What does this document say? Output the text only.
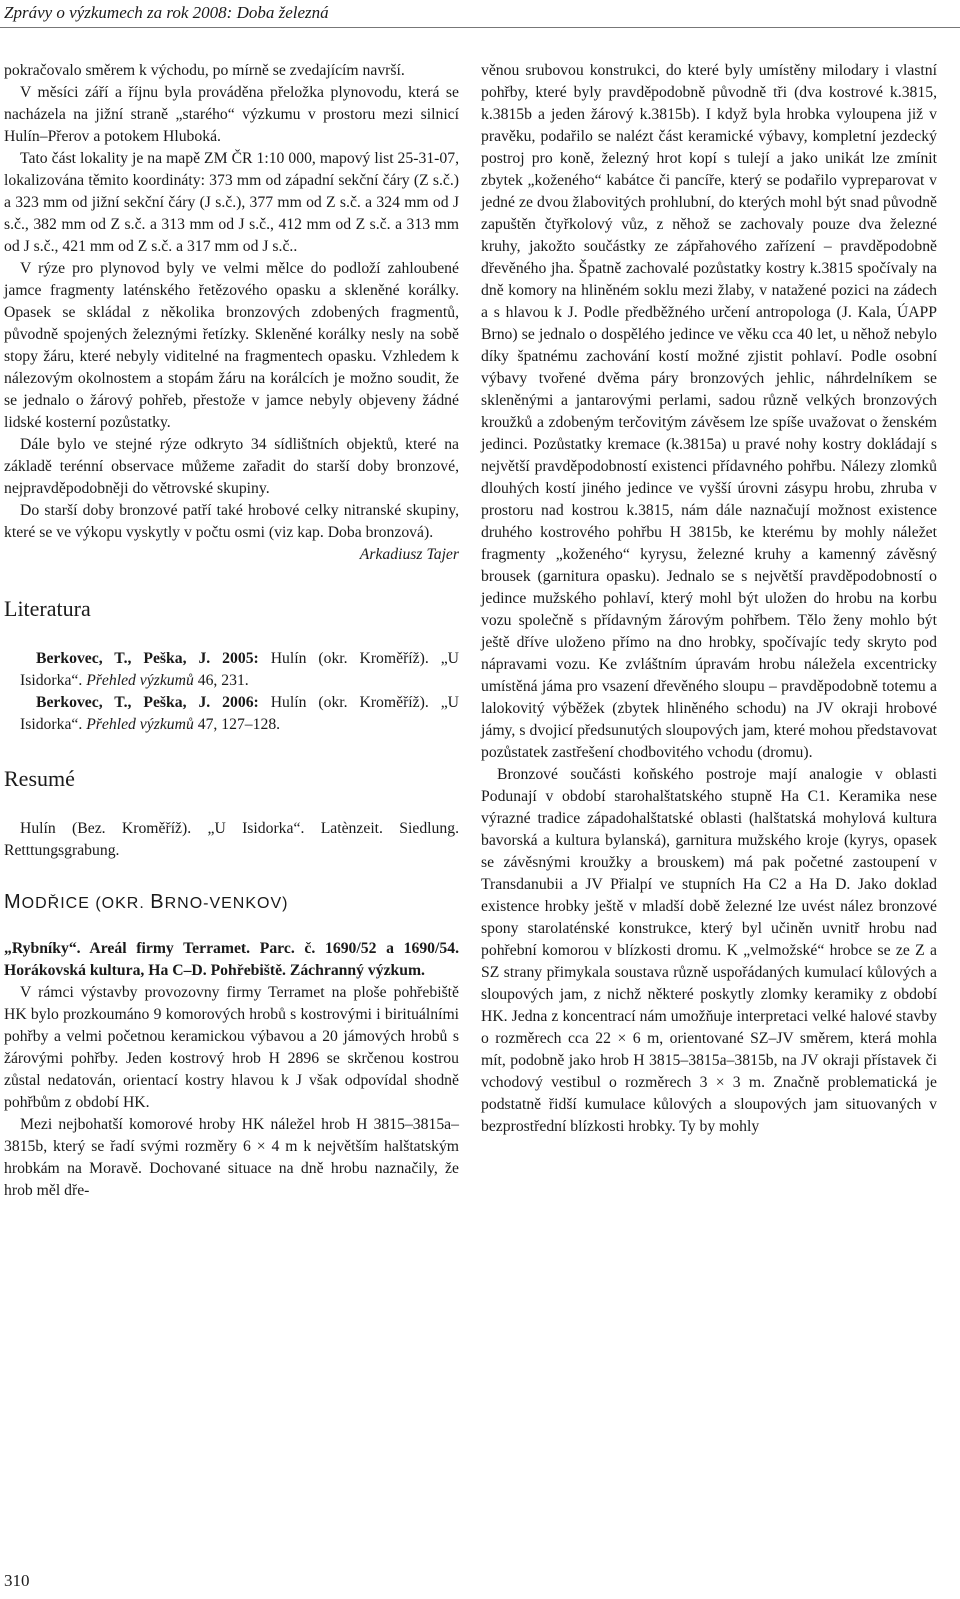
Zprávy o výzkumech za rok 2008: Doba železná

pokračovalo směrem k východu, po mírně se zvedajícím navrší.

V měsíci září a říjnu byla prováděna přeložka plynovodu, která se nacházela na jižní straně „starého“ výzkumu v prostoru mezi silnicí Hulín–Přerov a potokem Hluboká.

Tato část lokality je na mapě ZM ČR 1:10 000, mapový list 25-31-07, lokalizována těmito koordináty: 373 mm od západní sekční čáry (Z s.č.) a 323 mm od jižní sekční čáry (J s.č.), 377 mm od Z s.č. a 324 mm od J s.č., 382 mm od Z s.č. a 313 mm od J s.č., 412 mm od Z s.č. a 313 mm od J s.č., 421 mm od Z s.č. a 317 mm od J s.č..

V rýze pro plynovod byly ve velmi mělce do podloží zahloubené jamce fragmenty laténského řetězového opasku a skleněné korálky. Opasek se skládal z několika bronzových zdobených fragmentů, původně spojených železnými řetízky. Skleněné korálky nesly na sobě stopy žáru, které nebyly viditelné na fragmentech opasku. Vzhledem k nálezovým okolnostem a stopám žáru na korálcích je možno soudit, že se jednalo o žárový pohřeb, přestože v jamce nebyly objeveny žádné lidské kosterní pozůstatky.

Dále bylo ve stejné rýze odkryto 34 sídlištních objektů, které na základě terénní observace můžeme zařadit do starší doby bronzové, nejpravděpodobněji do větrovské skupiny.

Do starší doby bronzové patří také hrobové celky nitranské skupiny, které se ve výkopu vyskytly v počtu osmi (viz kap. Doba bronzová).

Arkadiusz Tajer

Literatura

Berkovec, T., Peška, J. 2005: Hulín (okr. Kroměříž). „U Isidorka“. Přehled výzkumů 46, 231.

Berkovec, T., Peška, J. 2006: Hulín (okr. Kroměříž). „U Isidorka“. Přehled výzkumů 47, 127–128.

Resumé

Hulín (Bez. Kroměříž). „U Isidorka“. Latènzeit. Siedlung. Retttungsgrabung.

MODŘICE (OKR. BRNO-VENKOV)

„Rybníky“. Areál firmy Terramet. Parc. č. 1690/52 a 1690/54. Horákovská kultura, Ha C–D. Pohřebiště. Záchranný výzkum.

V rámci výstavby provozovny firmy Terramet na ploše pohřebiště HK bylo prozkoumáno 9 komorových hrobů s kostrovými i birituálními pohřby a velmi početnou keramickou výbavou a 20 jámových hrobů s žárovými pohřby. Jeden kostrový hrob H 2896 se skrčenou kostrou zůstal nedatován, orientací kostry hlavou k J však odpovídal shodně pohřbům z období HK.

Mezi nejbohatší komorové hroby HK náležel hrob H 3815–3815a–3815b, který se řadí svými rozměry 6 × 4 m k největším halštatským hrobkám na Moravě. Dochované situace na dně hrobu naznačily, že hrob měl dře-

věnou srubovou konstrukci, do které byly umístěny milodary i vlastní pohřby, které byly pravděpodobně původně tři (dva kostrové k.3815, k.3815b a jeden žárový k.3815b). I když byla hrobka vyloupena již v pravěku, podařilo se nalézt část keramické výbavy, kompletní jezdecký postroj pro koně, železný hrot kopí s tulejí a jako unikát lze zmínit zbytek „koženého“ kabátce či pancíře, který se podařilo vypreparovat v jedné ze dvou žlabovitých prohlubní, do kterých mohl být snad původně zapuštěn čtyřkolový vůz, z něhož se zachovaly pouze dva železné kruhy, jakožto součástky ze zápřahového zařízení – pravděpodobně dřevěného jha. Špatně zachovalé pozůstatky kostry k.3815 spočívaly na dně komory na hliněném soklu mezi žlaby, v natažené pozici na zádech a s hlavou k J. Podle předběžného určení antropologa (J. Kala, ÚAPP Brno) se jednalo o dospělého jedince ve věku cca 40 let, u něhož nebylo díky špatnému zachování kostí možné zjistit pohlaví. Podle osobní výbavy tvořené dvěma páry bronzových jehlic, náhrdelníkem se skleněnými a jantarovými perlami, sadou různě velkých bronzových kroužků a zdobeným terčovitým závěsem lze spíše uvažovat o ženském jedinci. Pozůstatky kremace (k.3815a) u pravé nohy kostry dokládají s největší pravděpodobností existenci přídavného pohřbu. Nálezy zlomků dlouhých kostí jiného jedince ve vyšší úrovni zásypu hrobu, zhruba v prostoru nad kostrou k.3815, nám dále naznačují možnost existence druhého kostrového pohřbu H 3815b, ke kterému by mohly náležet fragmenty „koženého“ kyrysu, železné kruhy a kamenný závěsný brousek (garnitura opasku). Jednalo se s největší pravděpodobností o jedince mužského pohlaví, který mohl být uložen do hrobu na korbu vozu společně s přídavným žárovým pohřbem. Tělo ženy mohlo být ještě dříve uloženo přímo na dno hrobky, spočívajíc tedy skryto pod nápravami vozu. Ke zvláštním úpravám hrobu náležela excentricky umístěná jáma pro vsazení dřevěného sloupu – pravděpodobně totemu a lalokovitý výběžek (zbytek hliněného schodu) na JV okraji hrobové jámy, s dvojicí předsunutých sloupových jam, které mohou představovat pozůstatek zastřešení chodbovitého vchodu (dromu).

Bronzové součásti koňského postroje mají analogie v oblasti Podunají v období starohalštatského stupně Ha C1. Keramika nese výrazné tradice západohalštatské oblasti (halštatská mohylová kultura bavorská a kultura bylanská), garnitura mužského kroje (kyrys, opasek se závěsnými kroužky a brouskem) má pak početné zastoupení v Transdanubii a JV Přialpí ve stupních Ha C2 a Ha D. Jako doklad existence hrobky ještě v mladší době železné lze uvést nález bronzové spony starolaténské konstrukce, který byl učiněn uvnitř hrobu nad pohřební komorou v blízkosti dromu. K „velmožské“ hrobce se ze Z a SZ strany přimykala soustava různě uspořádaných kumulací kůlových a sloupových jam, z nichž některé poskytly zlomky keramiky z období HK. Jedna z koncentrací nám umožňuje interpretaci velké halové stavby o rozměrech cca 22 × 6 m, orientované SZ–JV směrem, která mohla mít, podobně jako hrob H 3815–3815a–3815b, na JV okraji přístavek či vchodový vestibul o rozměrech 3 × 3 m. Značně problematická je podstatně řidší kumulace kůlových a sloupových jam situovaných v bezprostřední blízkosti hrobky. Ty by mohly

310
